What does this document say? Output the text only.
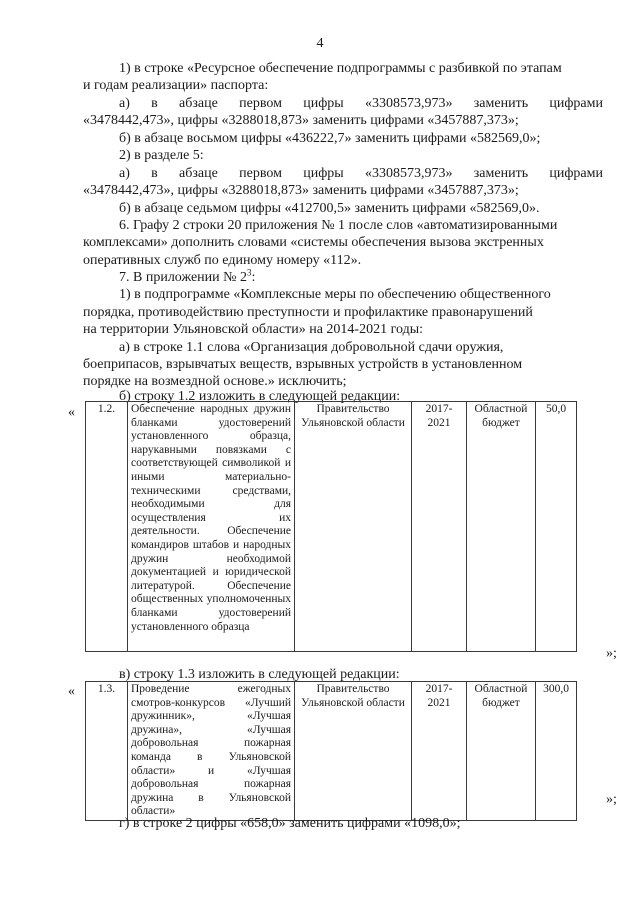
4
1) в строке «Ресурсное обеспечение подпрограммы с разбивкой по этапам
и годам реализации» паспорта:
а) в абзаце первом цифры «3308573,973» заменить цифрами
«3478442,473», цифры «3288018,873» заменить цифрами «3457887,373»;
б) в абзаце восьмом цифры «436222,7» заменить цифрами «582569,0»;
2) в разделе 5:
а) в абзаце первом цифры «3308573,973» заменить цифрами
«3478442,473», цифры «3288018,873» заменить цифрами «3457887,373»;
б) в абзаце седьмом цифры «412700,5» заменить цифрами «582569,0».
6. Графу 2 строки 20 приложения № 1 после слов «автоматизированными
комплексами» дополнить словами «системы обеспечения вызова экстренных
оперативных служб по единому номеру «112».
7. В приложении № $2^3$:
1) в подпрограмме «Комплексные меры по обеспечению общественного
порядка, противодействию преступности и профилактике правонарушений
на территории Ульяновской области» на 2014-2021 годы:
а) в строке 1.1 слова «Организация добровольной сдачи оружия,
боеприпасов, взрывчатых веществ, взрывных устройств в установленном
порядке на возмездной основе.» исключить;
б) строку 1.2 изложить в следующей редакции:
« 1.2.	Обеспечение народных дружин бланками удостоверений установленного образца, нарукавными повязками с соответствующей символикой и иными материально-техническими средствами, необходимыми для осуществления их деятельности. Обеспечение командиров штабов и народных дружин необходимой документацией и юридической литературой. Обеспечение общественных уполномоченных бланками удостоверений установленного образца	Правительство Ульяновской области	2017-2021	Областной бюджет	50,0
»;
в) строку 1.3 изложить в следующей редакции:
« 1.3.	Проведение ежегодных смотров-конкурсов «Лучший дружинник», «Лучшая дружина», «Лучшая добровольная пожарная команда в Ульяновской области» и «Лучшая добровольная пожарная дружина в Ульяновской области»	Правительство Ульяновской области	2017-2021	Областной бюджет	300,0
»;
г) в строке 2 цифры «658,0» заменить цифрами «1098,0»;
